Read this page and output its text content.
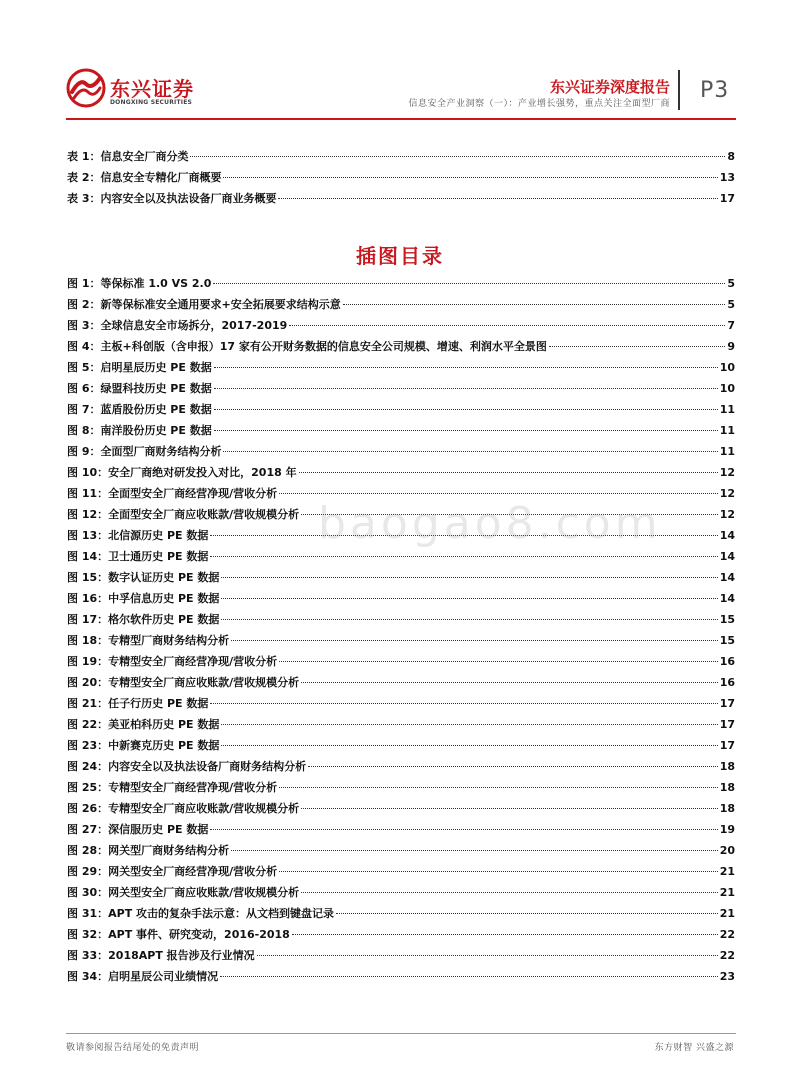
东兴证券
DONGXING SECURITIES
东兴证券深度报告
信息安全产业洞察（一）：产业增长强势，重点关注全面型厂商
P3
表 1：信息安全厂商分类	8
表 2：信息安全专精化厂商概要	13
表 3：内容安全以及执法设备厂商业务概要	17
插图目录
图 1：等保标准 1.0 VS 2.0	5
图 2：新等保标准安全通用要求+安全拓展要求结构示意	5
图 3：全球信息安全市场拆分，2017-2019	7
图 4：主板+科创版（含申报）17 家有公开财务数据的信息安全公司规模、增速、利润水平全景图	9
图 5：启明星辰历史 PE 数据	10
图 6：绿盟科技历史 PE 数据	10
图 7：蓝盾股份历史 PE 数据	11
图 8：南洋股份历史 PE 数据	11
图 9：全面型厂商财务结构分析	11
图 10：安全厂商绝对研发投入对比，2018 年	12
图 11：全面型安全厂商经营净现/营收分析	12
图 12：全面型安全厂商应收账款/营收规模分析	12
图 13：北信源历史 PE 数据	14
图 14：卫士通历史 PE 数据	14
图 15：数字认证历史 PE 数据	14
图 16：中孚信息历史 PE 数据	14
图 17：格尔软件历史 PE 数据	15
图 18：专精型厂商财务结构分析	15
图 19：专精型安全厂商经营净现/营收分析	16
图 20：专精型安全厂商应收账款/营收规模分析	16
图 21：任子行历史 PE 数据	17
图 22：美亚柏科历史 PE 数据	17
图 23：中新赛克历史 PE 数据	17
图 24：内容安全以及执法设备厂商财务结构分析	18
图 25：专精型安全厂商经营净现/营收分析	18
图 26：专精型安全厂商应收账款/营收规模分析	18
图 27：深信服历史 PE 数据	19
图 28：网关型厂商财务结构分析	20
图 29：网关型安全厂商经营净现/营收分析	21
图 30：网关型安全厂商应收账款/营收规模分析	21
图 31：APT 攻击的复杂手法示意：从文档到键盘记录	21
图 32：APT 事件、研究变动，2016-2018	22
图 33：2018APT 报告涉及行业情况	22
图 34：启明星辰公司业绩情况	23
baogao8.com
敬请参阅报告结尾处的免责声明	东方财智 兴盛之源
